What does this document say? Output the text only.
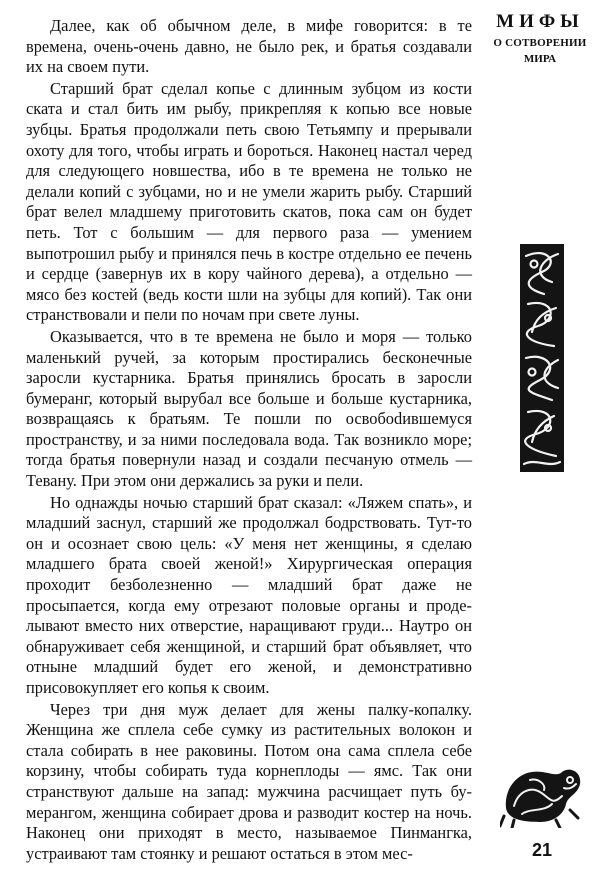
Далее, как об обычном деле, в мифе говорится: в те времена, очень-очень давно, не было рек, и братья создавали их на своем пути.

Старший брат сделал копье с длинным зубцом из кости ската и стал бить им рыбу, прикрепляя к копью все новые зубцы. Братья продолжали петь свою Тетьямпу и прерывали охоту для того, чтобы играть и бороться. Наконец настал черед для следующего новшества, ибо в те времена не только не делали копий с зубцами, но и не умели жарить рыбу. Старший брат велел младшему приготовить скатов, пока сам он будет петь. Тот с большим — для первого раза — умением выпотрошил рыбу и принялся печь в костре отдельно ее печень и сердце (завернув их в кору чайного дерева), а отдельно — мясо без костей (ведь кости шли на зубцы для копий). Так они странствовали и пели по ночам при свете луны.

Оказывается, что в те времена не было и моря — только маленький ручей, за которым простирались бесконечные заросли кустарника. Братья принялись бросать в заросли бумеранг, который вырубал все больше и больше кустарника, возвращаясь к братьям. Те пошли по освобоdившемуся пространству, и за ними последовала вода. Так возникло море; тогда братья повернули назад и создали песчаную отмель — Тевану. При этом они держались за руки и пели.

Но однажды ночью старший брат сказал: «Ляжем спать», и младший заснул, старший же продолжал бодрствовать. Тут-то он и осознает свою цель: «У меня нет женщины, я сделаю младшего брата своей женой!» Хирургическая операция проходит безболезненно — младший брат даже не просыпается, когда ему отрезают половые органы и проделывают вместо них отверстие, наращивают груди... Наутро он обнаруживает себя женщиной, и старший брат объявляет, что отныне младший будет его женой, и демонстративно присовокупляет его копья к своим.

Через три дня муж делает для жены палку-копалку. Женщина же сплела себе сумку из растительных волокон и стала собирать в нее раковины. Потом она сама сплела себе корзину, чтобы собирать туда корнеплоды — ямс. Так они странствуют дальше на запад: мужчина расчищает путь бумерангом, женщина собирает дрова и разводит костер на ночь. Наконец они приходят в место, называемое Пинмангка, устраивают там стоянку и решают остаться в этом мес-

МИФЫ
О СОТВОРЕНИИ
МИРА
21
